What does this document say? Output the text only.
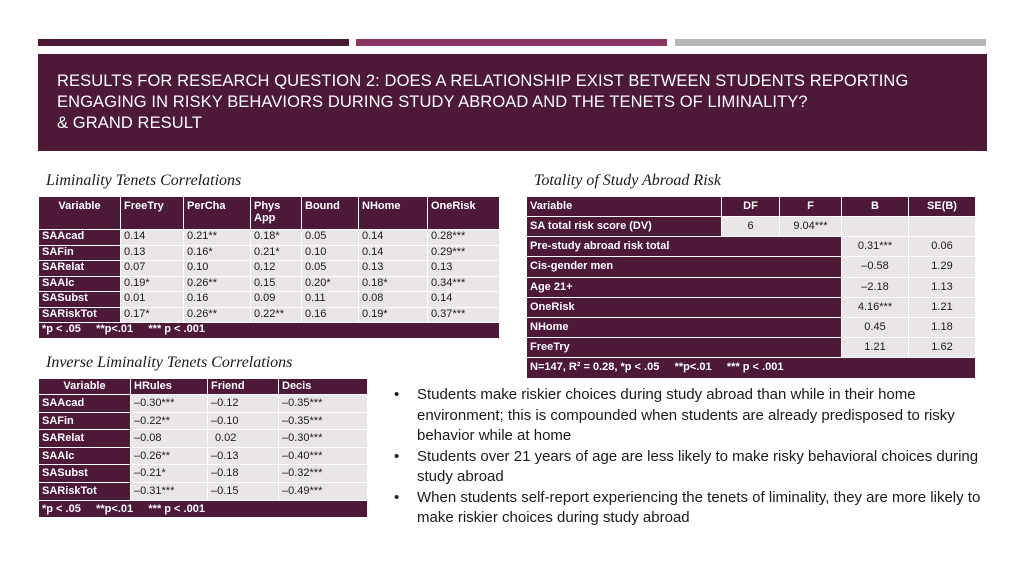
RESULTS FOR RESEARCH QUESTION 2: DOES A RELATIONSHIP EXIST BETWEEN STUDENTS REPORTING
ENGAGING IN RISKY BEHAVIORS DURING STUDY ABROAD AND THE TENETS OF LIMINALITY?
& GRAND RESULT
Liminality Tenets Correlations	Totality of Study Abroad Risk
Inverse Liminality Tenets Correlations
Variable	FreeTry	PerCha	Phys App	Bound	NHome	OneRisk
SAAcad	0.14	0.21**	0.18*	0.05	0.14	0.28***
SAFin	0.13	0.16*	0.21*	0.10	0.14	0.29***
SARelat	0.07	0.10	0.12	0.05	0.13	0.13
SAAlc	0.19*	0.26**	0.15	0.20*	0.18*	0.34***
SASubst	0.01	0.16	0.09	0.11	0.08	0.14
SARiskTot	0.17*	0.26**	0.22**	0.16	0.19*	0.37***
*p < .05     **p<.01     *** p < .001						
Variable	HRules	Friend	Decis
SAAcad	–0.30***	–0.12	–0.35***
SAFin	–0.22**	–0.10	–0.35***
SARelat	–0.08	0.02	–0.30***
SAAlc	–0.26**	–0.13	–0.40***
SASubst	–0.21*	–0.18	–0.32***
SARiskTot	–0.31***	–0.15	–0.49***
*p < .05     **p<.01     *** p < .001			
Variable	DF	F	B	SE(B)
SA total risk score (DV)	6	9.04***		
Pre-study abroad risk total			0.31***	0.06
Cis-gender men			–0.58	1.29
Age 21+			–2.18	1.13
OneRisk			4.16***	1.21
NHome			0.45	1.18
FreeTry			1.21	1.62
N=147, R² = 0.28, *p < .05     **p<.01     *** p < .001				
• Students make riskier choices during study abroad than while in their home environment; this is compounded when students are already predisposed to risky behavior while at home
• Students over 21 years of age are less likely to make risky behavioral choices during study abroad
• When students self-report experiencing the tenets of liminality, they are more likely to make riskier choices during study abroad
